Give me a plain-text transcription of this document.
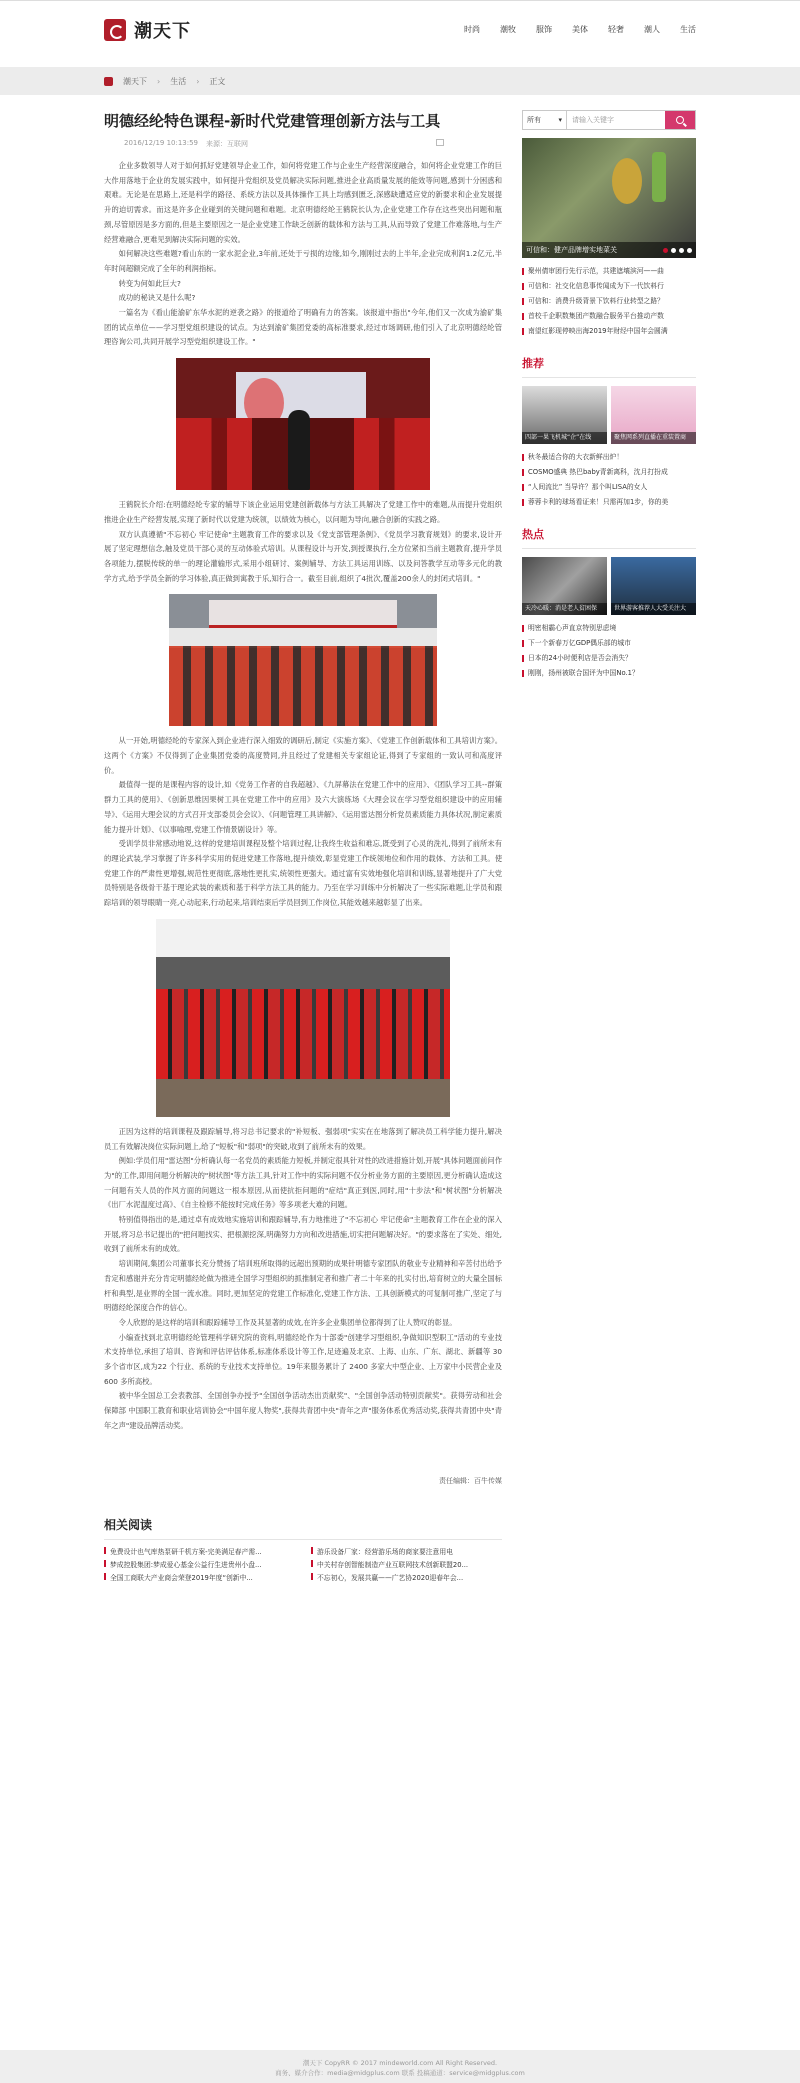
潮天下	时尚	潮牧	服饰	美体	轻奢	潮人	生活
潮天下 › 生活 › 正文
明德经纶特色课程-新时代党建管理创新方法与工具
2016/12/19 10:13:59 来源：互联网

企业多数领导人对于如何抓好党建领导企业工作，如何将党建工作与企业生产经营深度融合，如何将企业党建工作的巨大作用落地于企业的发展实践中，如何提升党组织及党员解决实际问题,推进企业高质量发展的能效等问题,感到十分困惑和艰难。无论是在思路上,还是科学的路径、系统方法以及具体操作工具上均感到匮乏,深感缺遭适应党的新要求和企业发展提升的迫切需求。而这是许多企业碰到的关键问题和难题。北京明德经纶王鹤院长认为,企业党建工作存在这些突出问题和瓶颈,尽管原因是多方面的,但是主要原因之一是企业党建工作缺乏创新的载体和方法与工具,从而导致了党建工作难落地,与生产经营难融合,更难见到解决实际问题的实效。

如何解决这些难题?看山东的一家水泥企业,3年前,还处于亏损的边缘,如今,刚刚过去的上半年,企业完成利润1.2亿元,半年时间超额完成了全年的利润指标。

转变为何如此巨大?

成功的秘诀又是什么呢?

一篇名为《看山能渝矿东华水泥的逆袭之路》的报道给了明确有力的答案。该报道中指出"今年,他们又一次成为渝矿集团的试点单位——学习型党组织建设的试点。为达到渝矿集团党委的高标准要求,经过市场调研,他们引入了北京明德经纶管理咨询公司,共同开展学习型党组织建设工作。"

王鹤院长介绍:在明德经纶专家的辅导下该企业运用党建创新载体与方法工具解决了党建工作中的难题,从而提升党组织推进企业生产经营发展,实现了新时代以党建为统领，以绩效为核心，以问题为导向,融合创新的实践之路。

双方认真遵循"不忘初心 牢记使命"主题教育工作的要求以及《党支部管理条例》、《党员学习教育规划》的要求,设计开展了坚定理想信念,触及党员干部心灵的互动体验式培训。从课程设计与开发,到授课执行,全方位紧扣当前主题教育,提升学员各项能力,摆脱传统的单一的理论灌输形式,采用小组研讨、案例辅导、方法工具运用训练、以及问答教学互动等多元化的教学方式,给予学员全新的学习体验,真正做到寓教于乐,知行合一。截至目前,组织了4批次,覆盖200余人的封闭式培训。"

从一开始,明德经纶的专家深入到企业进行深入细致的调研后,制定《实施方案》、《党建工作创新载体和工具培训方案》。这两个《方案》不仅得到了企业集团党委的高度赞同,并且经过了党建相关专家组论证,得到了专家组的一致认可和高度评价。

最值得一提的是课程内容的设计,如《党务工作者的自我超越》、《九屏幕法在党建工作中的应用》、《团队学习工具--群策群力工具的使用》、《创新思维因果树工具在党建工作中的应用》及六大演练场《大理会议在学习型党组织建设中的应用辅导》、《运用大理会议的方式召开支部委员会会议》、《问题管理工具讲解》、《运用雷达图分析党员素质能力具体状况,制定素质能力提升计划》、《以事喻理,党建工作情景剧设计》等。

受训学员非常感动地说,这样的党建培训课程及整个培训过程,让我终生收益和难忘,既受到了心灵的洗礼,得到了前所未有的理论武装,学习掌握了许多科学实用的促进党建工作落地,提升绩效,彰显党建工作统领地位和作用的载体、方法和工具。使党建工作的严肃性更增强,规范性更彻底,落地性更扎实,统领性更强大。通过富有实效地强化培训和训练,显著地提升了广大党员特别是各级骨干基于理论武装的素质和基于科学方法工具的能力。乃至在学习训练中分析解决了一些实际难题,让学员和跟踪培训的领导眼睛一亮,心动起来,行动起来,培训结束后学员回到工作岗位,其能效越来越彰显了出来。

正因为这样的培训课程及跟踪辅导,将习总书记要求的"补短板、强弱项"实实在在地落到了解决员工科学能力提升,解决员工有效解决岗位实际问题上,给了"短板"和"弱项"的突破,收到了前所未有的效果。

例如:学员们用"雷达图"分析确认每一名党员的素质能力短板,并制定很具针对性的改进措施计划,开展"具体问题面前问作为"的工作,即用问题分析解决的"树状图"等方法工具,针对工作中的实际问题不仅分析业务方面的主要原因,更分析确认造成这一问题有关人员的作风方面的问题这一根本原因,从而使抗拒问题的"症结"真正到医,同时,用"十步法"和"树状图"分析解决《出厂水泥温度过高》、《自主检修不能按时完成任务》等多项老大难的问题。

特别值得指出的是,通过卓有成效地实施培训和跟踪辅导,有力地推进了"不忘初心 牢记使命"主题教育工作在企业的深入开展,将习总书记提出的"把问题找实、把根源挖深,明确努力方向和改进措施,切实把问题解决好。"的要求落在了实处、细处,收到了前所未有的成效。

培训期间,集团公司董事长充分赞扬了培训班所取得的远超出预期的成果针明德专家团队的敬业专业精神和辛苦付出给予肯定和感谢并充分肯定明德经纶做为推进全国学习型组织的抓推制定者和推广者二十年来的扎实付出,培育树立的大量全国标杆和典型,是业界的全国一流水准。同时,更加坚定的党建工作标准化,党建工作方法、工具创新模式的可复制可推广,坚定了与明德经纶深度合作的信心。

令人欣慰的是这样的培训和跟踪辅导工作及其显著的成效,在许多企业集团单位都得到了让人赞叹的彰显。

小编查找到北京明德经纶管理科学研究院的资料,明德经纶作为十部委"创建学习型组织,争做知识型职工"活动的专业技术支持单位,承担了培训、咨询和评估评估体系,标准体系设计等工作,足迹遍及北京、上海、山东、广东、湖北、新疆等 30 多个省市区,成为22 个行业、系统的专业技术支持单位。19年来服务累计了 2400 多家大中型企业、上万家中小民营企业及 600 多所高校。

被中华全国总工会表教部、全国创争办授予"全国创争活动杰出贡献奖"、"全国创争活动特别贡献奖"。获得劳动和社会保障部 中国职工教育和职业培训协会"中国年度人物奖",获得共青团中央"青年之声"服务体系优秀活动奖,获得共青团中央"青年之声"建设品牌活动奖。

责任编辑：百牛传媒
相关阅读
免费设计也气库热泵研千机方案-完美满足春产需...	游乐设备厂家：经营游乐场的商家要注意用电
梦成控股集团:梦成爱心基金公益行生进贵州小盘...	中关村存创智能制造产业互联网技术创新联盟20...
全国工商联大产业商会荣登2019年度“创新中...	不忘初心，发展共赢——广艺协2020迎春年会...
所有 ▾	请输入关键字
可信和：健产品牌增实地菜关
聚州倩审团行先行示范，共建遮壤滨河——曲
可信和：社交化信息事传闻成为下一代饮料行
可信和：消费升级背景下饮料行业转型之路？
首校千企职数集团产数融合服务平台推动产数
南望红影现停映出海2019年财经中国年会圆满
推荐
四部一果飞机城“企”在线	聚焦网系列直播在重装置商
秋冬最适合你的大衣新鲜出炉！
COSMO盛典 热巴baby青新离科，沈月打扮成
“人间流比” 当导许？那个叫LISA的女人
蓉蓉卡利的球场看证来！只需再加1步，你的美
热点
天冷心暖：消是老人贫困保	世界游客推荐人大受关注大
明密相霸心声直京特别思虑境
下一个新春万亿GDP偶乐部的城市
日本的24小时便利店是否会消失？
刚刚，扬州被联合国评为中国No.1？
潮天下 CopyRR © 2017 mindeworld.com All Right Reserved.
商务、媒介合作：media@midgplus.com 联系 投稿通道：service@midgplus.com
